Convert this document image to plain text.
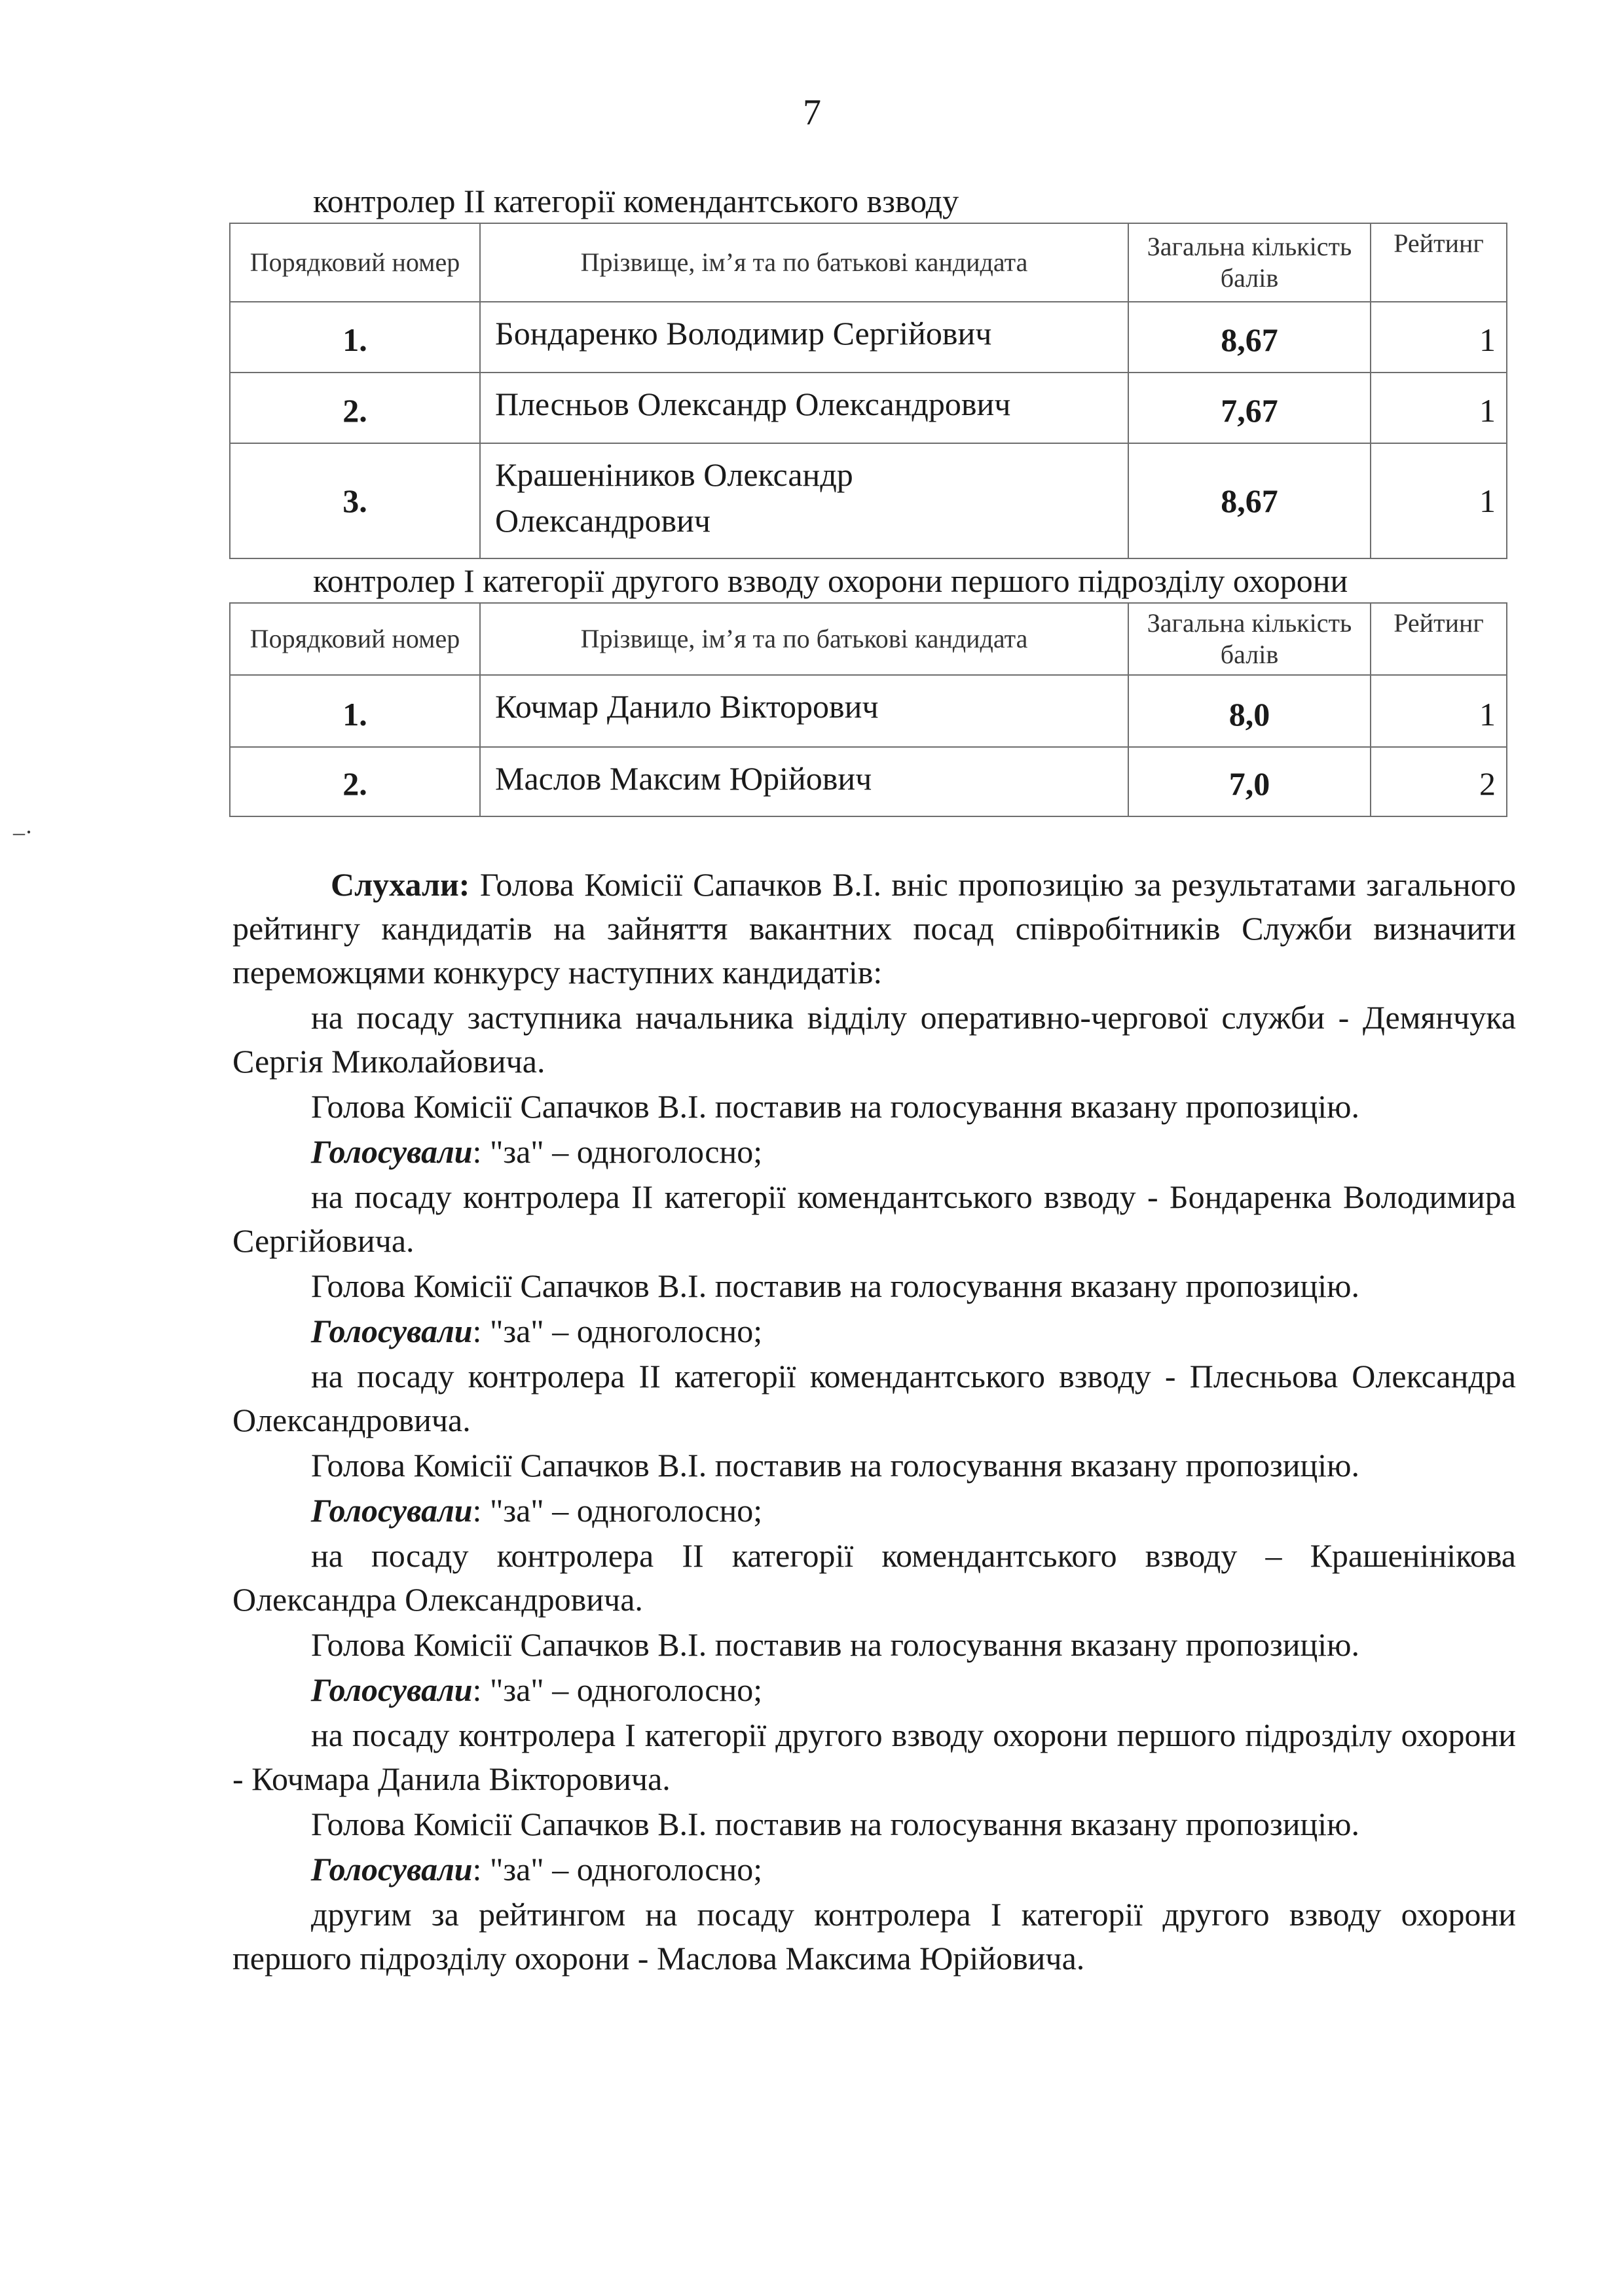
7
контролер ІІ категорії комендантського взводу
Порядковий номер	Прізвище, ім’я та по батькові кандидата	Загальна кількість балів	Рейтинг
1.	Бондаренко Володимир Сергійович	8,67	1
2.	Плесньов Олександр Олександрович	7,67	1
3.	Крашеніников Олександр Олександрович	8,67	1
контролер І категорії другого взводу охорони першого підрозділу охорони
Порядковий номер	Прізвище, ім’я та по батькові кандидата	Загальна кількість балів	Рейтинг
1.	Кочмар Данило Вікторович	8,0	1
2.	Маслов Максим Юрійович	7,0	2
–·

Слухали: Голова Комісії Сапачков В.І. вніс пропозицію за результатами загального рейтингу кандидатів на зайняття вакантних посад співробітників Служби визначити переможцями конкурсу наступних кандидатів:

на посаду заступника начальника відділу оперативно-чергової служби - Демянчука Сергія Миколайовича.

Голова Комісії Сапачков В.І. поставив на голосування вказану пропозицію.

Голосували: "за" – одноголосно;

на посаду контролера ІІ категорії комендантського взводу - Бондаренка Володимира Сергійовича.

Голова Комісії Сапачков В.І. поставив на голосування вказану пропозицію.

Голосували: "за" – одноголосно;

на посаду контролера ІІ категорії комендантського взводу - Плесньова Олександра Олександровича.

Голова Комісії Сапачков В.І. поставив на голосування вказану пропозицію.

Голосували: "за" – одноголосно;

на посаду контролера ІІ категорії комендантського взводу – Крашенінікова Олександра Олександровича.

Голова Комісії Сапачков В.І. поставив на голосування вказану пропозицію.

Голосували: "за" – одноголосно;

на посаду контролера І категорії другого взводу охорони першого підрозділу охорони - Кочмара Данила Вікторовича.

Голова Комісії Сапачков В.І. поставив на голосування вказану пропозицію.

Голосували: "за" – одноголосно;

другим за рейтингом на посаду контролера І категорії другого взводу охорони першого підрозділу охорони - Маслова Максима Юрійовича.
